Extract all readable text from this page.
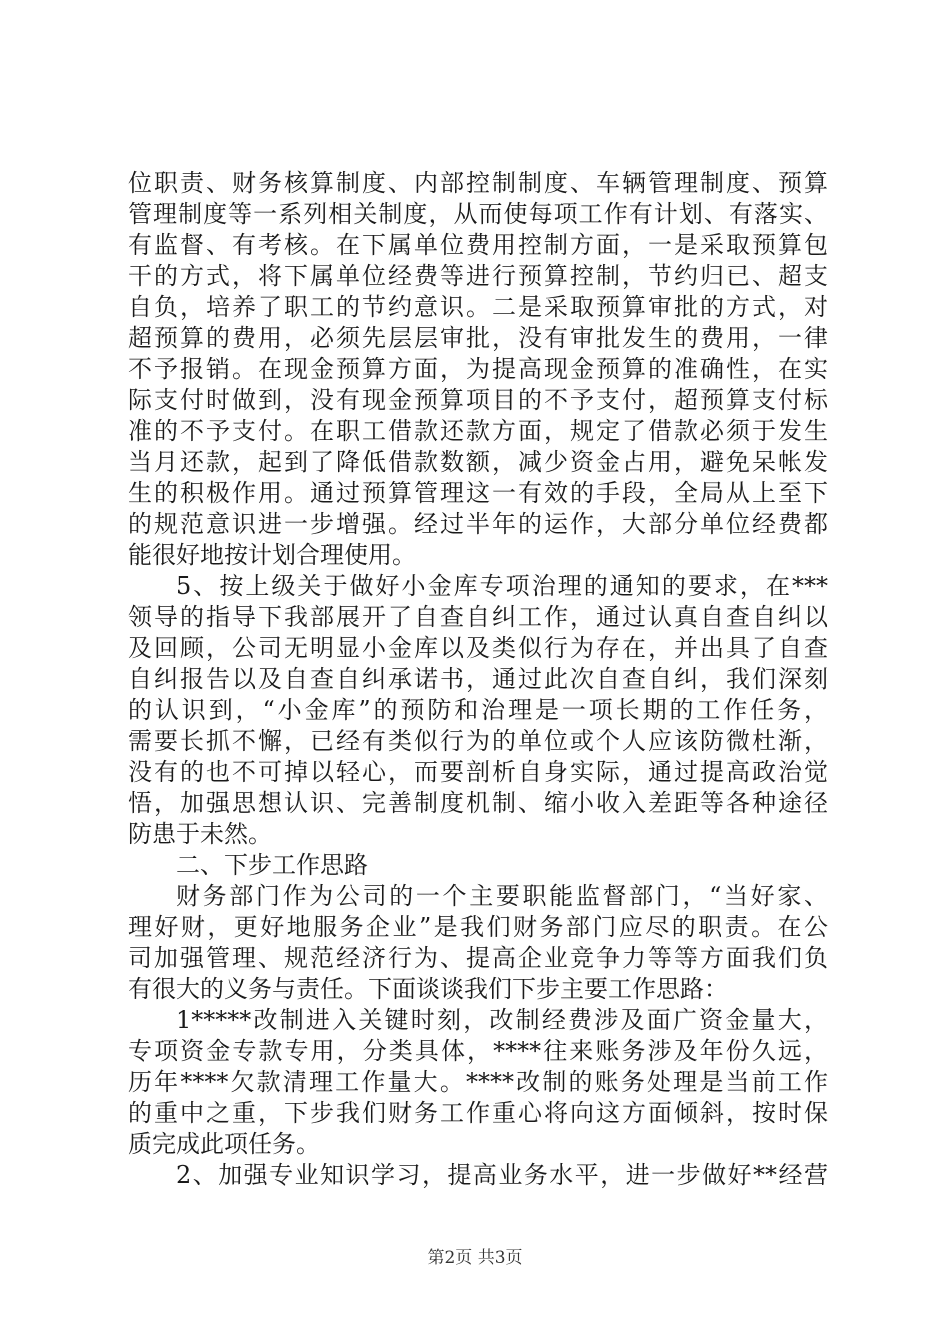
位职责、财务核算制度、内部控制制度、车辆管理制度、预算
管理制度等一系列相关制度，从而使每项工作有计划、有落实、
有监督、有考核。在下属单位费用控制方面，一是采取预算包
干的方式，将下属单位经费等进行预算控制，节约归已、超支
自负，培养了职工的节约意识。二是采取预算审批的方式，对
超预算的费用，必须先层层审批，没有审批发生的费用，一律
不予报销。在现金预算方面，为提高现金预算的准确性，在实
际支付时做到，没有现金预算项目的不予支付，超预算支付标
准的不予支付。在职工借款还款方面，规定了借款必须于发生
当月还款，起到了降低借款数额，减少资金占用，避免呆帐发
生的积极作用。通过预算管理这一有效的手段，全局从上至下
的规范意识进一步增强。经过半年的运作，大部分单位经费都
能很好地按计划合理使用。
5、按上级关于做好小金库专项治理的通知的要求，在***
领导的指导下我部展开了自查自纠工作，通过认真自查自纠以
及回顾，公司无明显小金库以及类似行为存在，并出具了自查
自纠报告以及自查自纠承诺书，通过此次自查自纠，我们深刻
的认识到，“小金库”的预防和治理是一项长期的工作任务，
需要长抓不懈，已经有类似行为的单位或个人应该防微杜渐，
没有的也不可掉以轻心，而要剖析自身实际，通过提高政治觉
悟，加强思想认识、完善制度机制、缩小收入差距等各种途径
防患于未然。
二、下步工作思路
财务部门作为公司的一个主要职能监督部门，“当好家、
理好财，更好地服务企业”是我们财务部门应尽的职责。在公
司加强管理、规范经济行为、提高企业竞争力等等方面我们负
有很大的义务与责任。下面谈谈我们下步主要工作思路：
1*****改制进入关键时刻，改制经费涉及面广资金量大，
专项资金专款专用，分类具体，****往来账务涉及年份久远，
历年****欠款清理工作量大。****改制的账务处理是当前工作
的重中之重，下步我们财务工作重心将向这方面倾斜，按时保
质完成此项任务。
2、加强专业知识学习，提高业务水平，进一步做好**经营
第2页 共3页
